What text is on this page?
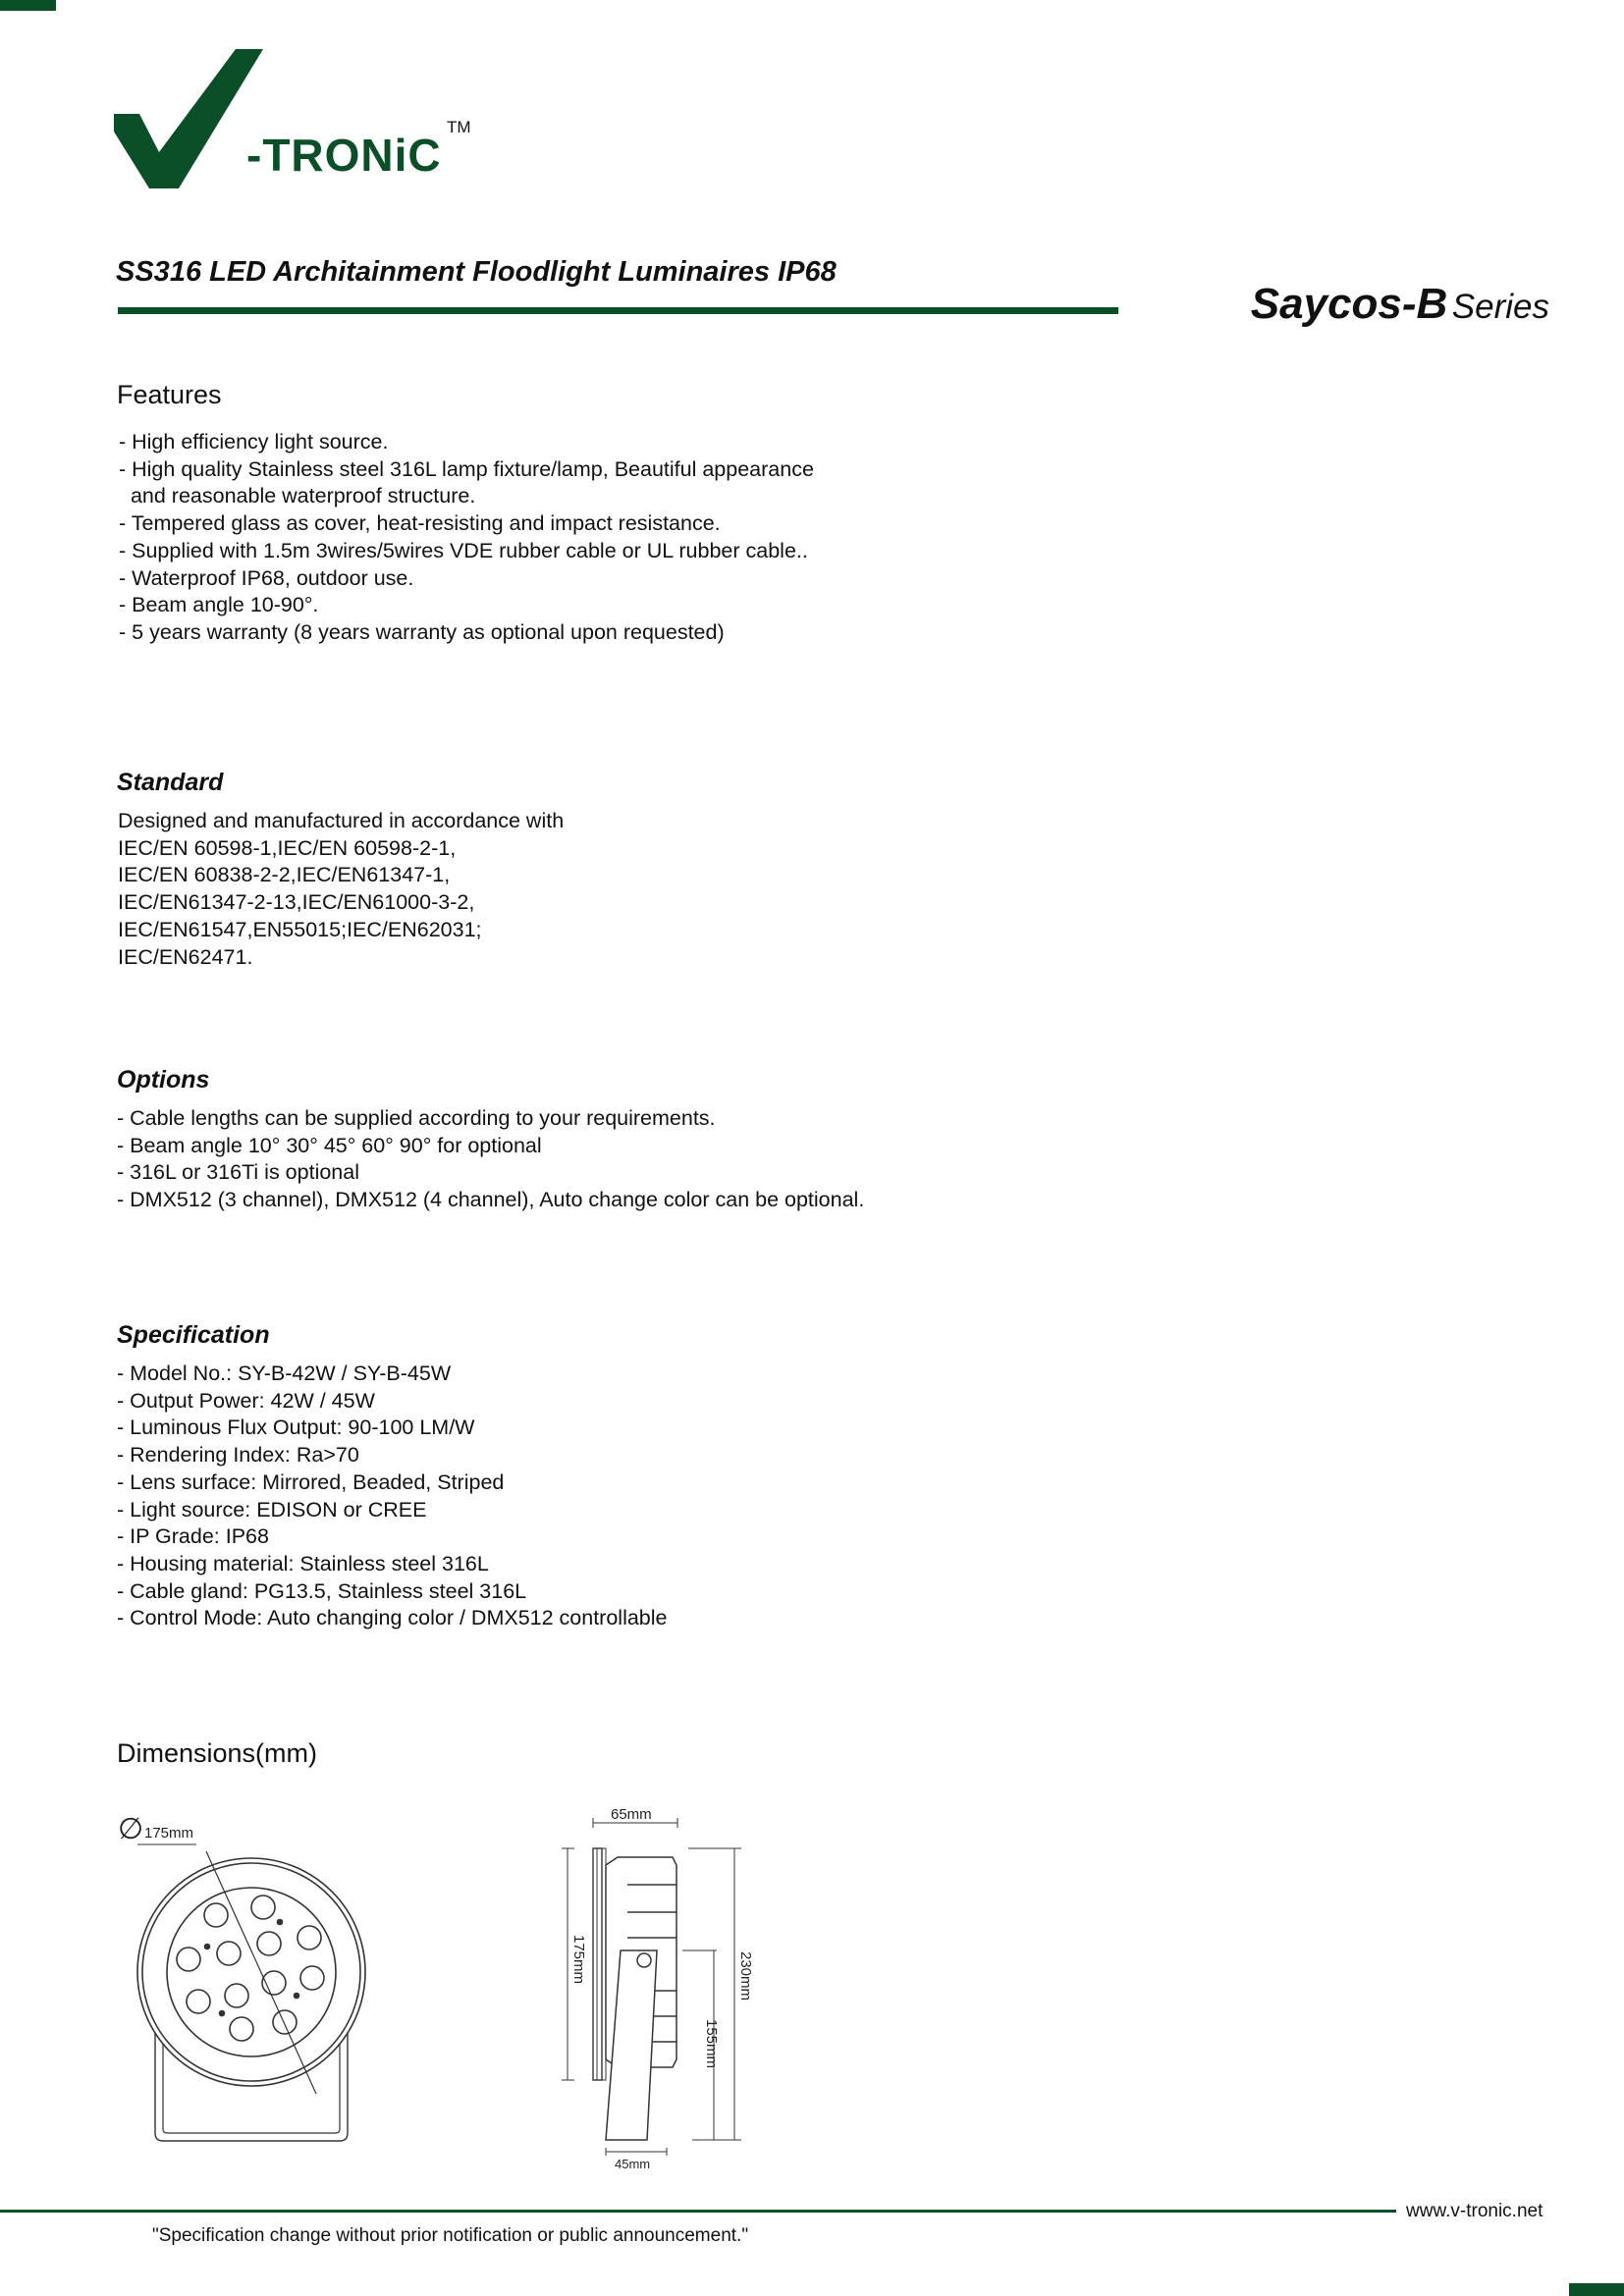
-TRONiC
TM
SS316 LED Architainment Floodlight Luminaires IP68
Saycos-B Series
Features
- High efficiency light source.
- High quality Stainless steel 316L lamp fixture/lamp, Beautiful appearance
and reasonable waterproof structure.
- Tempered glass as cover, heat-resisting and impact resistance.
- Supplied with 1.5m 3wires/5wires VDE rubber cable or UL rubber cable..
- Waterproof IP68, outdoor use.
- Beam angle 10-90°.
- 5 years warranty (8 years warranty as optional upon requested)
Standard
Designed and manufactured in accordance with
IEC/EN 60598-1,IEC/EN 60598-2-1,
IEC/EN 60838-2-2,IEC/EN61347-1,
IEC/EN61347-2-13,IEC/EN61000-3-2,
IEC/EN61547,EN55015;IEC/EN62031;
IEC/EN62471.
Options
- Cable lengths can be supplied according to your requirements.
- Beam angle 10° 30° 45° 60° 90° for optional
- 316L or 316Ti is optional
- DMX512 (3 channel), DMX512 (4 channel), Auto change color can be optional.
Specification
- Model No.: SY-B-42W / SY-B-45W
- Output Power: 42W / 45W
- Luminous Flux Output: 90-100 LM/W
- Rendering Index: Ra>70
- Lens surface: Mirrored, Beaded, Striped
- Light source: EDISON or CREE
- IP Grade: IP68
- Housing material: Stainless steel 316L
- Cable gland: PG13.5, Stainless steel 316L
- Control Mode: Auto changing color / DMX512 controllable
Dimensions(mm)
∅ 175mm
65mm
175mm	230mm
155mm
45mm
www.v-tronic.net
"Specification change without prior notification or public announcement."
